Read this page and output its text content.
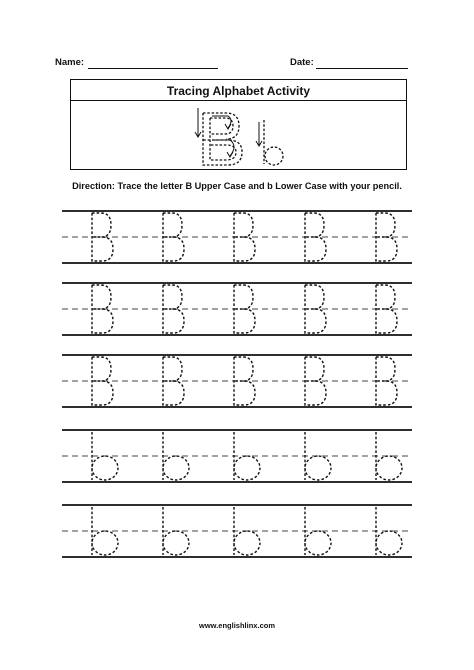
Name:	Date:
Tracing Alphabet Activity
Direction: Trace the letter B Upper Case and b Lower Case with your pencil.
www.englishlinx.com
